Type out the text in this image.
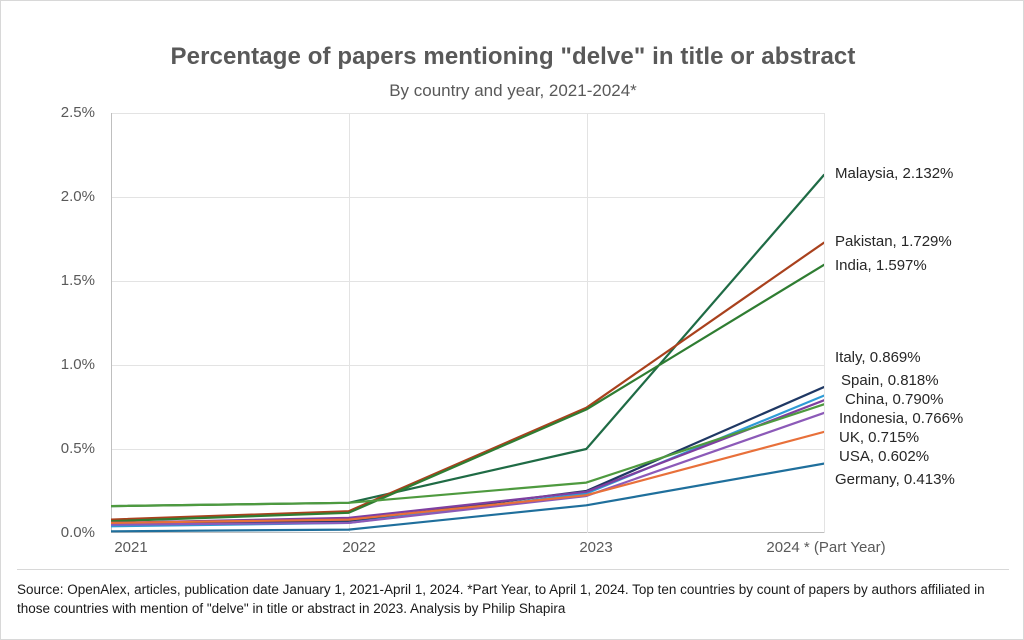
Percentage of papers mentioning "delve" in title or abstract
By country and year, 2021-2024*
0.0%
0.5%
1.0%
1.5%
2.0%
2.5%
2021	2022	2023	2024 * (Part Year)
Malaysia, 2.132%
Pakistan, 1.729%
India, 1.597%
Italy, 0.869%
Spain, 0.818%
China, 0.790%
Indonesia, 0.766%
UK, 0.715%
USA, 0.602%
Germany, 0.413%
Source: OpenAlex, articles, publication date January 1, 2021-April 1, 2024. *Part Year, to April 1, 2024. Top ten countries by count of papers by authors affiliated in those countries with mention of "delve" in title or abstract in 2023. Analysis by Philip Shapira
